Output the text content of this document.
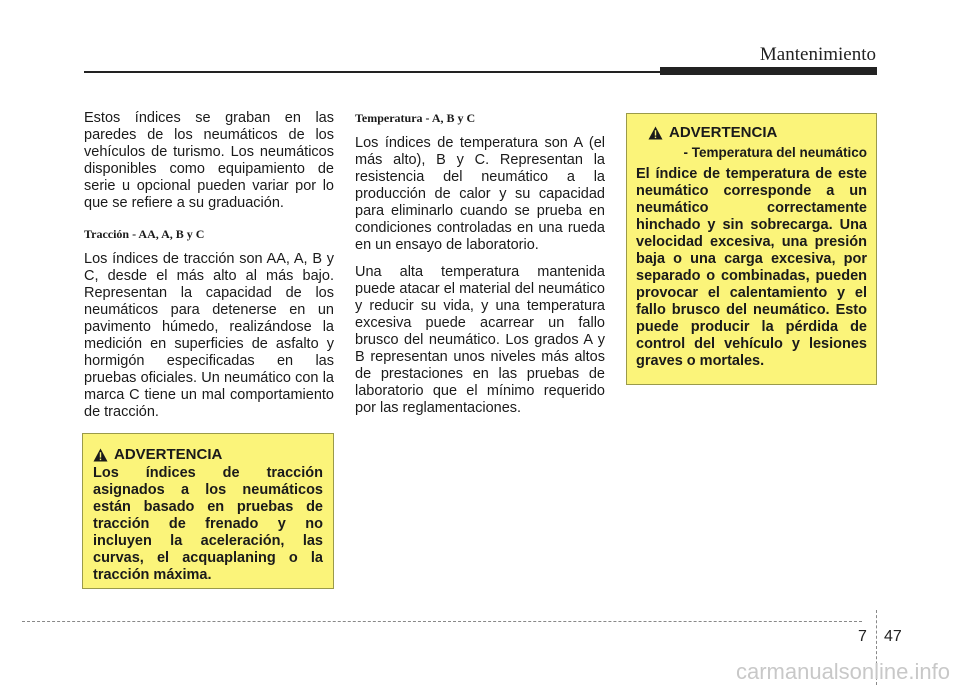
Mantenimiento

Estos índices se graban en las paredes de los neumáticos de los vehículos de turismo. Los neumáticos disponibles como equipamiento de serie u opcional pueden variar por lo que se refiere a su graduación.

Tracción - AA, A, B y C

Los índices de tracción son AA, A, B y C, desde el más alto al más bajo. Representan la capacidad de los neumáticos para detenerse en un pavimento húmedo, realizándose la medición en superficies de asfalto y hormigón especificadas en las pruebas oficiales. Un neumático con la marca C tiene un mal comportamiento de tracción.

ADVERTENCIA
Los índices de tracción asignados a los neumáticos están basado en pruebas de tracción de frenado y no incluyen la aceleración, las curvas, el acquaplaning o la tracción máxima.
Temperatura - A, B y C

Los índices de temperatura son A (el más alto), B y C. Representan la resistencia del neumático a la producción de calor y su capacidad para eliminarlo cuando se prueba en condiciones controladas en una rueda en un ensayo de laboratorio.

Una alta temperatura mantenida puede atacar el material del neumático y reducir su vida, y una temperatura excesiva puede acarrear un fallo brusco del neumático. Los grados A y B representan unos niveles más altos de prestaciones en las pruebas de laboratorio que el mínimo requerido por las reglamentaciones.

ADVERTENCIA
- Temperatura del neumático
El índice de temperatura de este neumático corresponde a un neumático correctamente hinchado y sin sobrecarga. Una velocidad excesiva, una presión baja o una carga excesiva, por separado o combinadas, pueden provocar el calentamiento y el fallo brusco del neumático. Esto puede producir la pérdida de control del vehículo y lesiones graves o mortales.
7 47
carmanualsonline.info
